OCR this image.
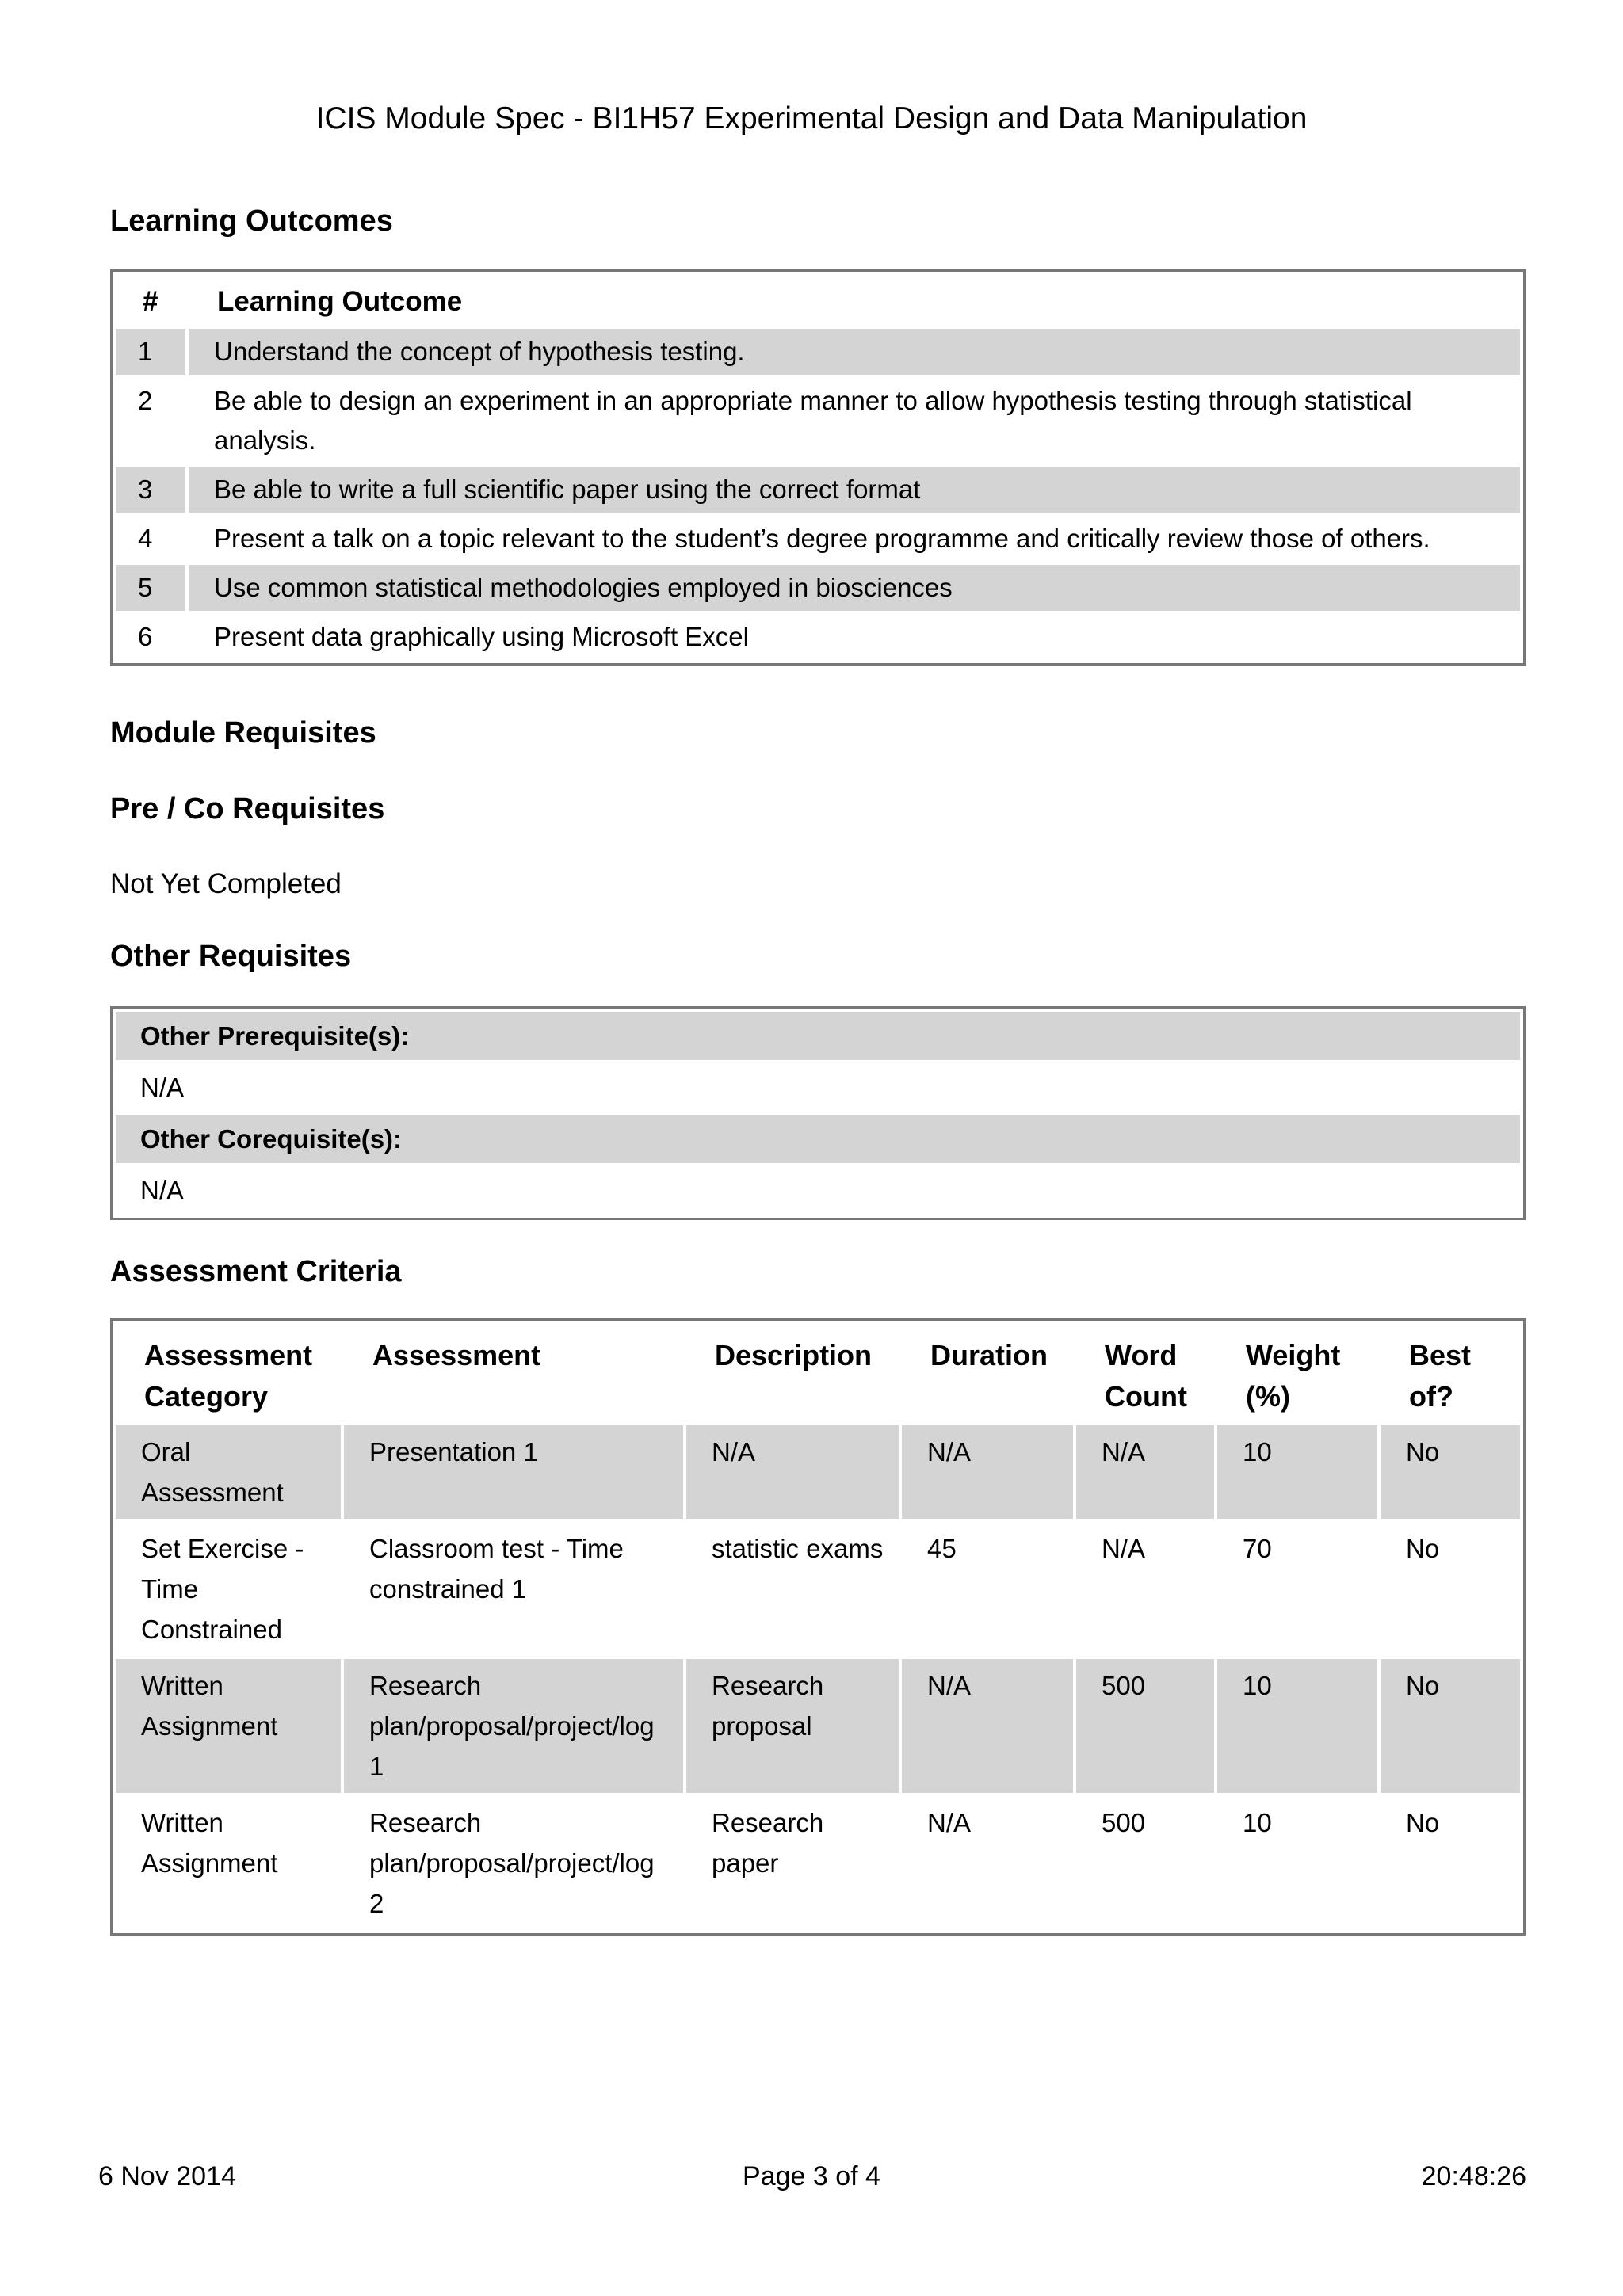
ICIS Module Spec - BI1H57 Experimental Design and Data Manipulation
Learning Outcomes
#	Learning Outcome
1	Understand the concept of hypothesis testing.
2	Be able to design an experiment in an appropriate manner to allow hypothesis testing through statistical analysis.
3	Be able to write a full scientific paper using the correct format
4	Present a talk on a topic relevant to the student’s degree programme and critically review those of others.
5	Use common statistical methodologies employed in biosciences
6	Present data graphically using Microsoft Excel
Module Requisites
Pre / Co Requisites
Not Yet Completed
Other Requisites
Other Prerequisite(s):
N/A
Other Corequisite(s):
N/A
Assessment Criteria
Assessment Category	Assessment	Description	Duration	Word Count	Weight (%)	Best of?
Oral Assessment	Presentation 1	N/A	N/A	N/A	10	No
Set Exercise - Time Constrained	Classroom test - Time constrained 1	statistic exams	45	N/A	70	No
Written Assignment	Research plan/proposal/project/log 1	Research proposal	N/A	500	10	No
Written Assignment	Research plan/proposal/project/log 2	Research paper	N/A	500	10	No
6 Nov 2014	Page 3 of 4	20:48:26
